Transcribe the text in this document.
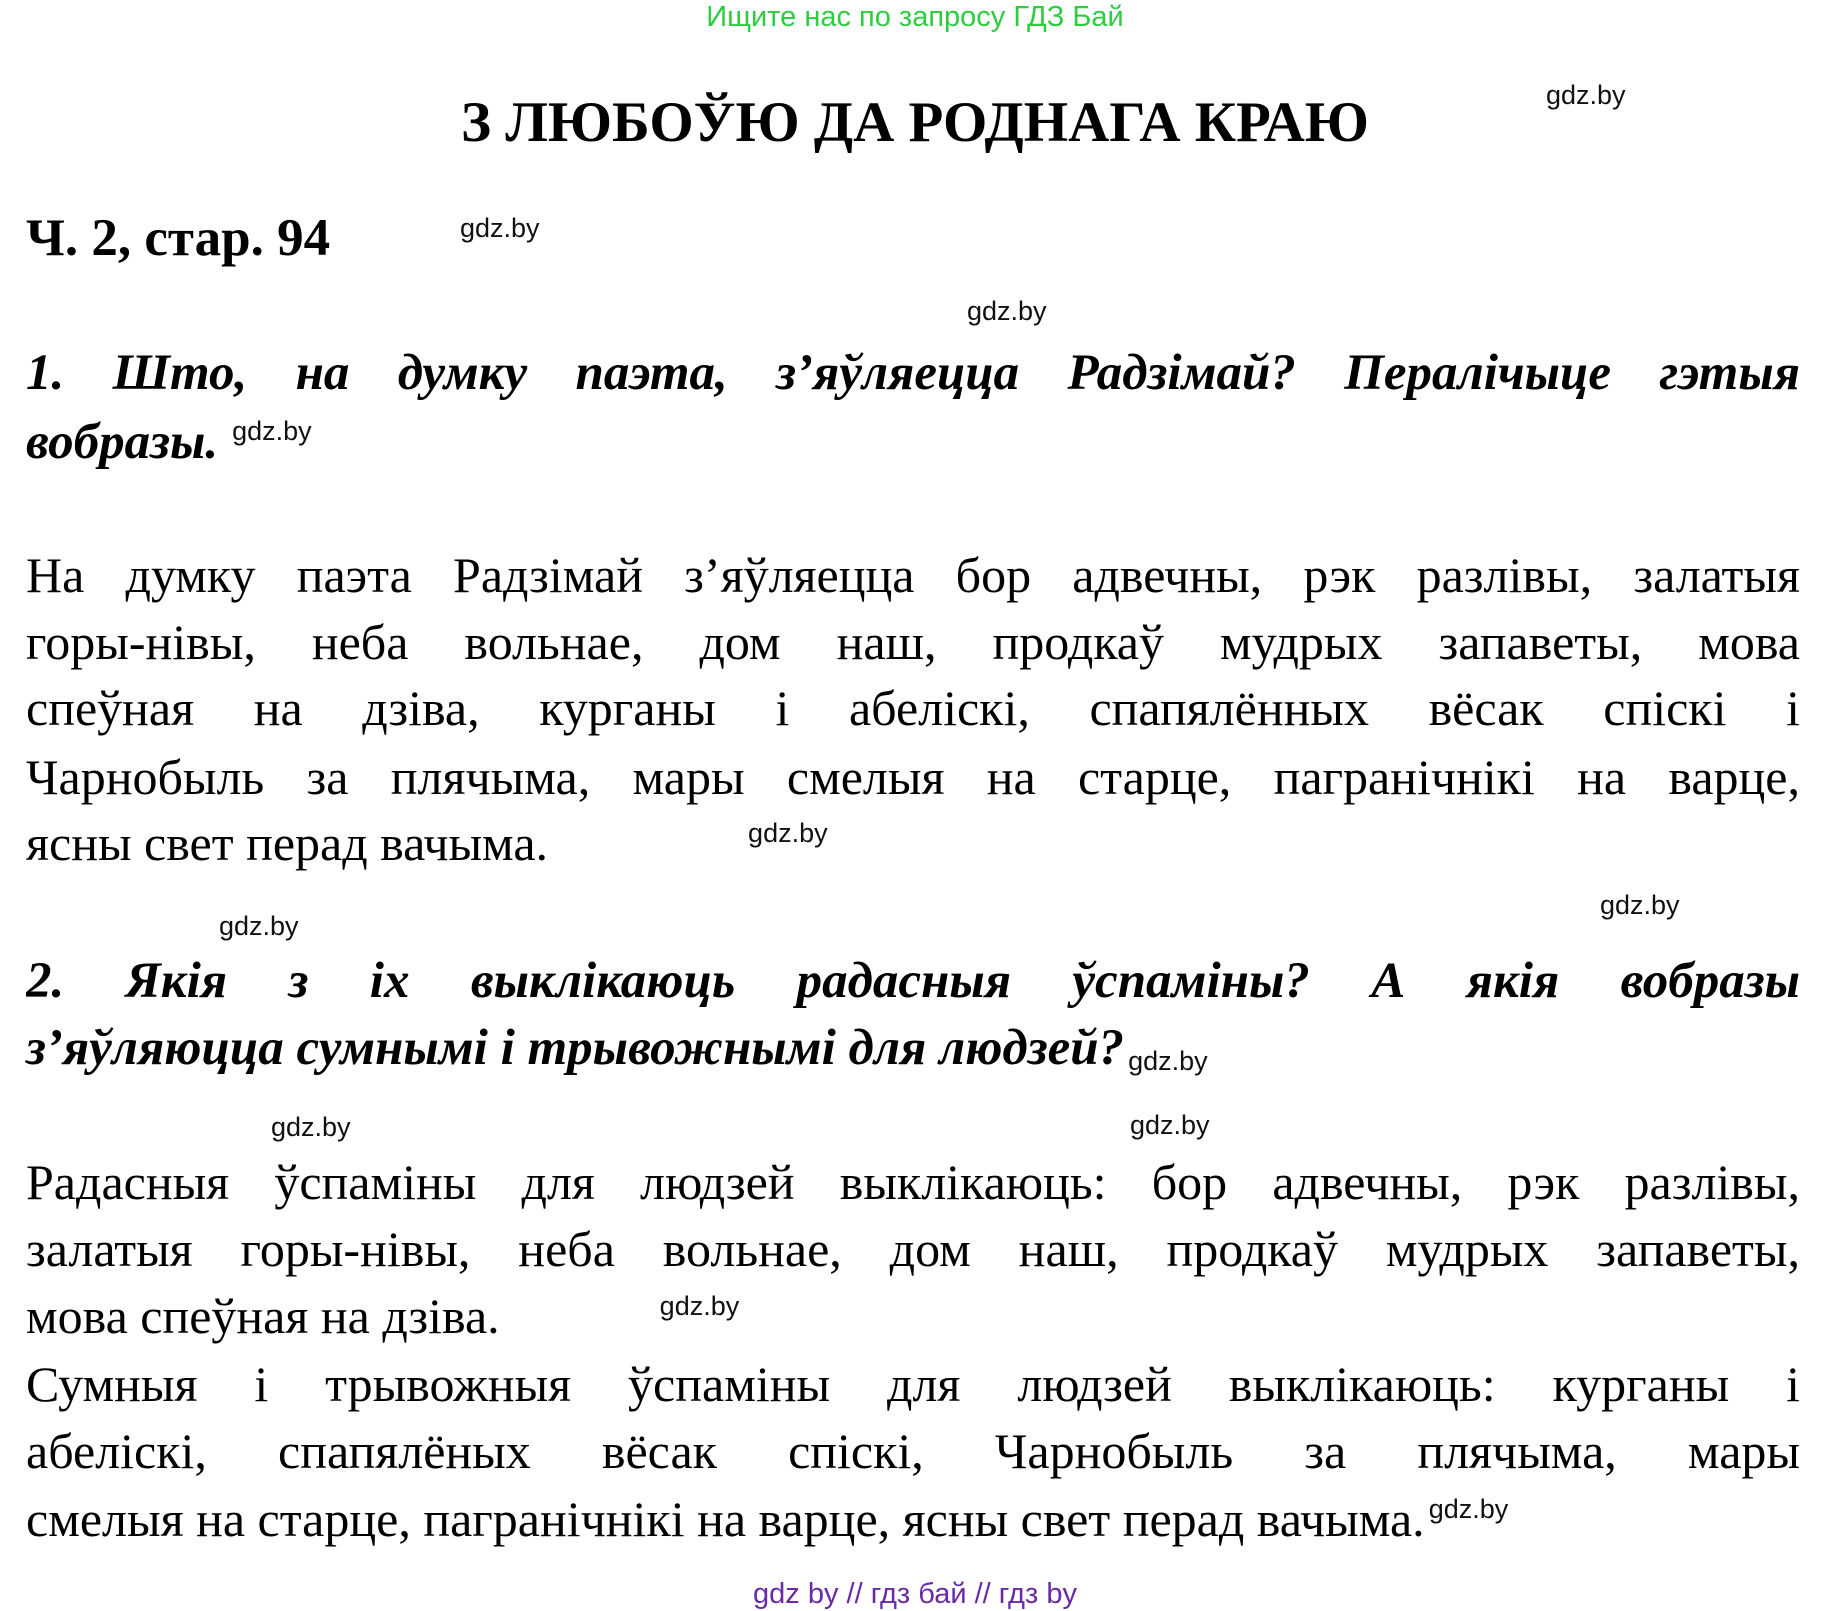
Ищите нас по запросу ГДЗ Бай
З ЛЮБОЎЮ ДА РОДНАГА КРАЮ
Ч. 2, стар. 94
1. Што, на думку паэта, з’яўляецца Радзімай? Пералічыце гэтыя
вобразы. $^{gdz.by}$
На думку паэта Радзімай з’яўляецца бор адвечны, рэк разлівы, залатыя
горы-нівы, неба вольнае, дом наш, продкаў мудрых запаветы, мова
спеўная на дзіва, курганы і абеліскі, спапялённых вёсак спіскі і
Чарнобыль за плячыма, мары смелыя на старце, пагранічнікі на варце,
ясны свет перад вачыма.	$^{gdz.by}$
2. Якія з іх выклікаюць радасныя ўспаміны? А якія вобразы
з’яўляюцца сумнымі і трывожнымі для людзей? $_{gdz.by}$
Радасныя ўспаміны для людзей выклікаюць: бор адвечны, рэк разлівы,
залатыя горы-нівы, неба вольнае, дом наш, продкаў мудрых запаветы,
мова спеўная на дзіва.	$^{gdz.by}$
Сумныя і трывожныя ўспаміны для людзей выклікаюць: курганы і
абеліскі, спапялёных вёсак спіскі, Чарнобыль за плячыма, мары
смелыя на старце, пагранічнікі на варце, ясны свет перад вачыма. $^{gdz.by}$
gdz.by
gdz.by
gdz.by
gdz.by
gdz.by
gdz.by	gdz.by
gdz by // гдз бай // гдз by
